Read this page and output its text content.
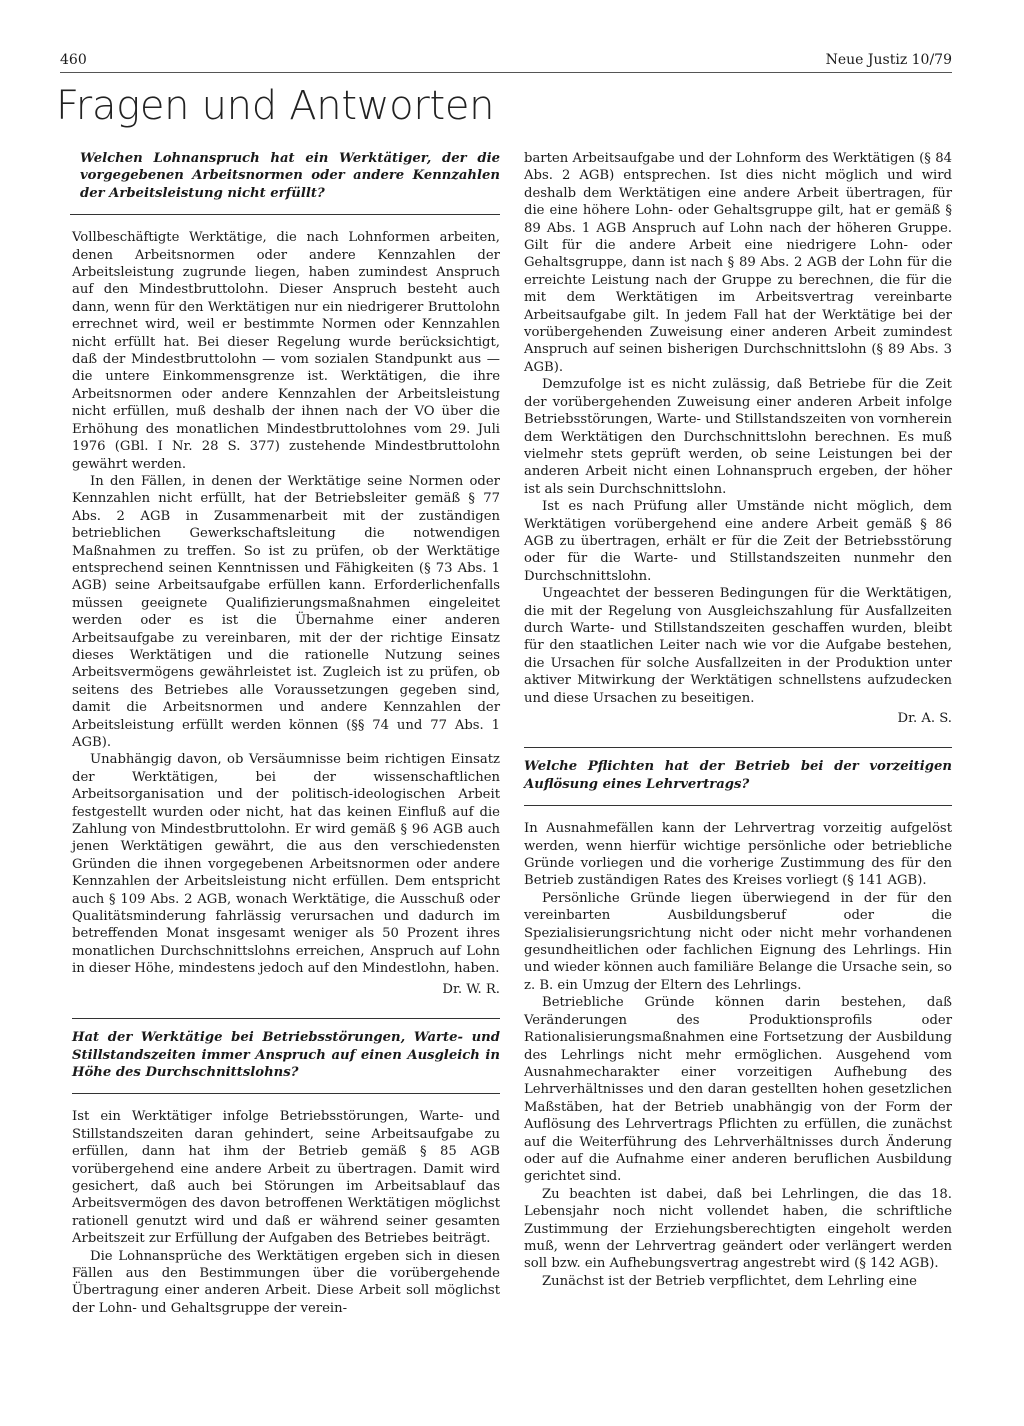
460	Neue Justiz 10/79
Fragen und Antworten

Welchen Lohnanspruch hat ein Werktätiger, der die vorgegebenen Arbeitsnormen oder andere Kennzahlen der Arbeitsleistung nicht erfüllt?

Vollbeschäftigte Werktätige, die nach Lohnformen arbeiten, denen Arbeitsnormen oder andere Kennzahlen der Arbeitsleistung zugrunde liegen, haben zumindest Anspruch auf den Mindestbruttolohn. Dieser Anspruch besteht auch dann, wenn für den Werktätigen nur ein niedrigerer Bruttolohn errechnet wird, weil er bestimmte Normen oder Kennzahlen nicht erfüllt hat. Bei dieser Regelung wurde berücksichtigt, daß der Mindestbruttolohn — vom sozialen Standpunkt aus — die untere Einkommensgrenze ist. Werktätigen, die ihre Arbeitsnormen oder andere Kennzahlen der Arbeitsleistung nicht erfüllen, muß deshalb der ihnen nach der VO über die Erhöhung des monatlichen Mindestbruttolohnes vom 29. Juli 1976 (GBl. I Nr. 28 S. 377) zustehende Mindestbruttolohn gewährt werden.

In den Fällen, in denen der Werktätige seine Normen oder Kennzahlen nicht erfüllt, hat der Betriebsleiter gemäß § 77 Abs. 2 AGB in Zusammenarbeit mit der zuständigen betrieblichen Gewerkschaftsleitung die notwendigen Maßnahmen zu treffen. So ist zu prüfen, ob der Werktätige entsprechend seinen Kenntnissen und Fähigkeiten (§ 73 Abs. 1 AGB) seine Arbeitsaufgabe erfüllen kann. Erforderlichenfalls müssen geeignete Qualifizierungsmaßnahmen eingeleitet werden oder es ist die Übernahme einer anderen Arbeitsaufgabe zu vereinbaren, mit der der richtige Einsatz dieses Werktätigen und die rationelle Nutzung seines Arbeitsvermögens gewährleistet ist. Zugleich ist zu prüfen, ob seitens des Betriebes alle Voraussetzungen gegeben sind, damit die Arbeitsnormen und andere Kennzahlen der Arbeitsleistung erfüllt werden können (§§ 74 und 77 Abs. 1 AGB).

Unabhängig davon, ob Versäumnisse beim richtigen Einsatz der Werktätigen, bei der wissenschaftlichen Arbeitsorganisation und der politisch-ideologischen Arbeit festgestellt wurden oder nicht, hat das keinen Einfluß auf die Zahlung von Mindestbruttolohn. Er wird gemäß § 96 AGB auch jenen Werktätigen gewährt, die aus den verschiedensten Gründen die ihnen vorgegebenen Arbeitsnormen oder andere Kennzahlen der Arbeitsleistung nicht erfüllen. Dem entspricht auch § 109 Abs. 2 AGB, wonach Werktätige, die Ausschuß oder Qualitätsminderung fahrlässig verursachen und dadurch im betreffenden Monat insgesamt weniger als 50 Prozent ihres monatlichen Durchschnittslohns erreichen, Anspruch auf Lohn in dieser Höhe, mindestens jedoch auf den Mindestlohn, haben.

Dr. W. R.

Hat der Werktätige bei Betriebsstörungen, Warte- und Stillstandszeiten immer Anspruch auf einen Ausgleich in Höhe des Durchschnittslohns?

Ist ein Werktätiger infolge Betriebsstörungen, Warte- und Stillstandszeiten daran gehindert, seine Arbeitsaufgabe zu erfüllen, dann hat ihm der Betrieb gemäß § 85 AGB vorübergehend eine andere Arbeit zu übertragen. Damit wird gesichert, daß auch bei Störungen im Arbeitsablauf das Arbeitsvermögen des davon betroffenen Werktätigen möglichst rationell genutzt wird und daß er während seiner gesamten Arbeitszeit zur Erfüllung der Aufgaben des Betriebes beiträgt.

Die Lohnansprüche des Werktätigen ergeben sich in diesen Fällen aus den Bestimmungen über die vorübergehende Übertragung einer anderen Arbeit. Diese Arbeit soll möglichst der Lohn- und Gehaltsgruppe der verein-

barten Arbeitsaufgabe und der Lohnform des Werktätigen (§ 84 Abs. 2 AGB) entsprechen. Ist dies nicht möglich und wird deshalb dem Werktätigen eine andere Arbeit übertragen, für die eine höhere Lohn- oder Gehaltsgruppe gilt, hat er gemäß § 89 Abs. 1 AGB Anspruch auf Lohn nach der höheren Gruppe. Gilt für die andere Arbeit eine niedrigere Lohn- oder Gehaltsgruppe, dann ist nach § 89 Abs. 2 AGB der Lohn für die erreichte Leistung nach der Gruppe zu berechnen, die für die mit dem Werktätigen im Arbeitsvertrag vereinbarte Arbeitsaufgabe gilt. In jedem Fall hat der Werktätige bei der vorübergehenden Zuweisung einer anderen Arbeit zumindest Anspruch auf seinen bisherigen Durchschnittslohn (§ 89 Abs. 3 AGB).

Demzufolge ist es nicht zulässig, daß Betriebe für die Zeit der vorübergehenden Zuweisung einer anderen Arbeit infolge Betriebsstörungen, Warte- und Stillstandszeiten von vornherein dem Werktätigen den Durchschnittslohn berechnen. Es muß vielmehr stets geprüft werden, ob seine Leistungen bei der anderen Arbeit nicht einen Lohnanspruch ergeben, der höher ist als sein Durchschnittslohn.

Ist es nach Prüfung aller Umstände nicht möglich, dem Werktätigen vorübergehend eine andere Arbeit gemäß § 86 AGB zu übertragen, erhält er für die Zeit der Betriebsstörung oder für die Warte- und Stillstandszeiten nunmehr den Durchschnittslohn.

Ungeachtet der besseren Bedingungen für die Werktätigen, die mit der Regelung von Ausgleichszahlung für Ausfallzeiten durch Warte- und Stillstandszeiten geschaffen wurden, bleibt für den staatlichen Leiter nach wie vor die Aufgabe bestehen, die Ursachen für solche Ausfallzeiten in der Produktion unter aktiver Mitwirkung der Werktätigen schnellstens aufzudecken und diese Ursachen zu beseitigen.

Dr. A. S.

Welche Pflichten hat der Betrieb bei der vorzeitigen Auflösung eines Lehrvertrags?

In Ausnahmefällen kann der Lehrvertrag vorzeitig aufgelöst werden, wenn hierfür wichtige persönliche oder betriebliche Gründe vorliegen und die vorherige Zustimmung des für den Betrieb zuständigen Rates des Kreises vorliegt (§ 141 AGB).

Persönliche Gründe liegen überwiegend in der für den vereinbarten Ausbildungsberuf oder die Spezialisierungsrichtung nicht oder nicht mehr vorhandenen gesundheitlichen oder fachlichen Eignung des Lehrlings. Hin und wieder können auch familiäre Belange die Ursache sein, so z. B. ein Umzug der Eltern des Lehrlings.

Betriebliche Gründe können darin bestehen, daß Veränderungen des Produktionsprofils oder Rationalisierungsmaßnahmen eine Fortsetzung der Ausbildung des Lehrlings nicht mehr ermöglichen. Ausgehend vom Ausnahmecharakter einer vorzeitigen Aufhebung des Lehrverhältnisses und den daran gestellten hohen gesetzlichen Maßstäben, hat der Betrieb unabhängig von der Form der Auflösung des Lehrvertrags Pflichten zu erfüllen, die zunächst auf die Weiterführung des Lehrverhältnisses durch Änderung oder auf die Aufnahme einer anderen beruflichen Ausbildung gerichtet sind.

Zu beachten ist dabei, daß bei Lehrlingen, die das 18. Lebensjahr noch nicht vollendet haben, die schriftliche Zustimmung der Erziehungsberechtigten eingeholt werden muß, wenn der Lehrvertrag geändert oder verlängert werden soll bzw. ein Aufhebungsvertrag angestrebt wird (§ 142 AGB).

Zunächst ist der Betrieb verpflichtet, dem Lehrling eine
